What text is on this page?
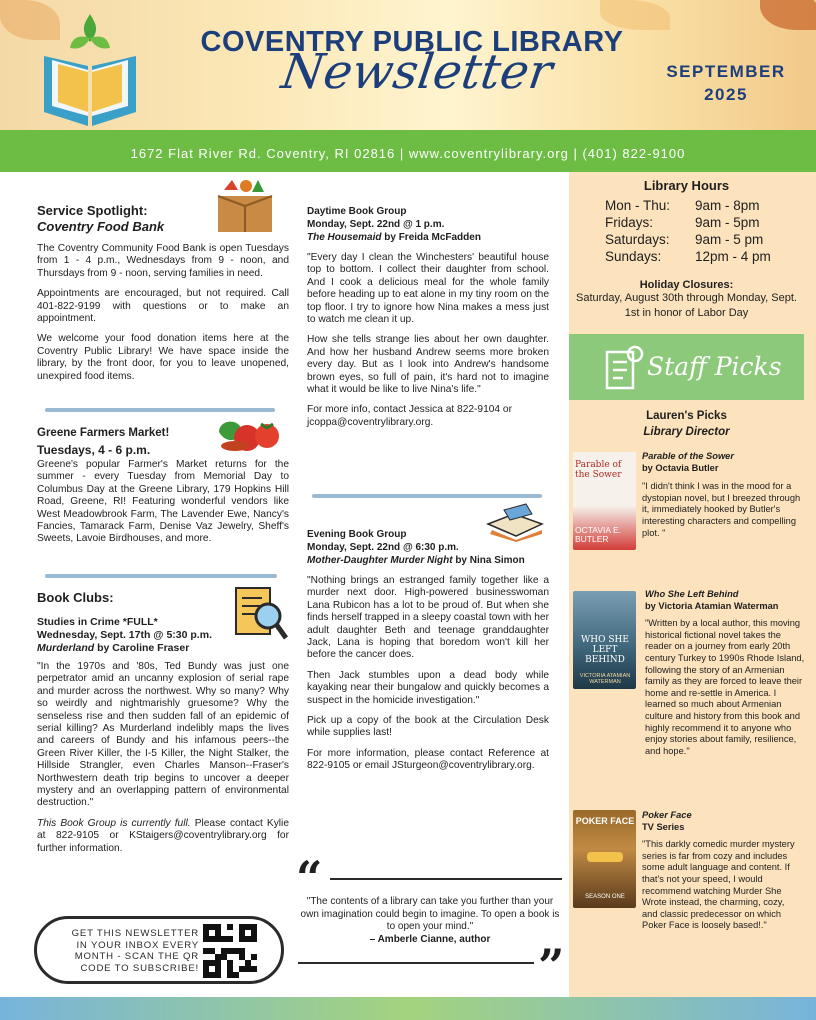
COVENTRY PUBLIC LIBRARY
Newsletter	SEPTEMBER
2025
1672 Flat River Rd. Coventry, RI 02816 | www.coventrylibrary.org | (401) 822-9100
Service Spotlight:
Coventry Food Bank

The Coventry Community Food Bank is open Tuesdays from 1 - 4 p.m., Wednesdays from 9 - noon, and Thursdays from 9 - noon, serving families in need.

Appointments are encouraged, but not required. Call 401-822-9199 with questions or to make an appointment.

We welcome your food donation items here at the Coventry Public Library! We have space inside the library, by the front door, for you to leave unopened, unexpired food items.

Greene Farmers Market!
Tuesdays, 4 - 6 p.m.

Greene's popular Farmer's Market returns for the summer - every Tuesday from Memorial Day to Columbus Day at the Greene Library, 179 Hopkins Hill Road, Greene, RI! Featuring wonderful vendors like West Meadowbrook Farm, The Lavender Ewe, Nancy's Fancies, Tamarack Farm, Denise Vaz Jewelry, Sheff's Sweets, Lavoie Birdhouses, and more.

Book Clubs:
Studies in Crime *FULL*
Wednesday, Sept. 17th @ 5:30 p.m.
Murderland by Caroline Fraser

"In the 1970s and '80s, Ted Bundy was just one perpetrator amid an uncanny explosion of serial rape and murder across the northwest. Why so many? Why so weirdly and nightmarishly gruesome? Why the senseless rise and then sudden fall of an epidemic of serial killing? As Murderland indelibly maps the lives and careers of Bundy and his infamous peers--the Green River Killer, the I-5 Killer, the Night Stalker, the Hillside Strangler, even Charles Manson--Fraser's Northwestern death trip begins to uncover a deeper mystery and an overlapping pattern of environmental destruction."

This Book Group is currently full. Please contact Kylie at 822-9105 or KStaigers@coventrylibrary.org for further information.

Daytime Book Group
Monday, Sept. 22nd @ 1 p.m.
The Housemaid by Freida McFadden

"Every day I clean the Winchesters' beautiful house top to bottom. I collect their daughter from school. And I cook a delicious meal for the whole family before heading up to eat alone in my tiny room on the top floor. I try to ignore how Nina makes a mess just to watch me clean it up.

How she tells strange lies about her own daughter. And how her husband Andrew seems more broken every day. But as I look into Andrew's handsome brown eyes, so full of pain, it's hard not to imagine what it would be like to live Nina's life."

For more info, contact Jessica at 822-9104 or jcoppa@coventrylibrary.org.

Evening Book Group
Monday, Sept. 22nd @ 6:30 p.m.
Mother-Daughter Murder Night by Nina Simon

"Nothing brings an estranged family together like a murder next door. High-powered businesswoman Lana Rubicon has a lot to be proud of. But when she finds herself trapped in a sleepy coastal town with her adult daughter Beth and teenage granddaughter Jack, Lana is hoping that boredom won't kill her before the cancer does.

Then Jack stumbles upon a dead body while kayaking near their bungalow and quickly becomes a suspect in the homicide investigation."

Pick up a copy of the book at the Circulation Desk while supplies last!

For more information, please contact Reference at 822-9105 or email JSturgeon@coventrylibrary.org.

“
"The contents of a library can take you further than your own imagination could begin to imagine. To open a book is to open your mind."
– Amberle Cianne, author	”
GET THIS NEWSLETTER IN YOUR INBOX EVERY MONTH - SCAN THE QR CODE TO SUBSCRIBE!
Library Hours
Mon - Thu:	9am - 8pm
Fridays:	9am - 5pm
Saturdays:	9am - 5 pm
Sundays:	12pm - 4 pm
Holiday Closures:
Saturday, August 30th through Monday, Sept. 1st in honor of Labor Day
Staff Picks
Lauren's Picks
Library Director
Parable of the Sower
OCTAVIA E. BUTLER
Parable of the Sower
by Octavia Butler
"I didn't think I was in the mood for a dystopian novel, but I breezed through it, immediately hooked by Butler's interesting characters and compelling plot. "
WHO SHE LEFT BEHIND
VICTORIA ATAMIAN WATERMAN
Who She Left Behind
by Victoria Atamian Waterman
"Written by a local author, this moving historical fictional novel takes the reader on a journey from early 20th century Turkey to 1990s Rhode Island, following the story of an Armenian family as they are forced to leave their home and re-settle in America. I learned so much about Armenian culture and history from this book and highly recommend it to anyone who enjoy stories about family, resilience, and hope."
POKER FACE
SEASON ONE
Poker Face
TV Series
"This darkly comedic murder mystery series is far from cozy and includes some adult language and content. If that's not your speed, I would recommend watching Murder She Wrote instead, the charming, cozy, and classic predecessor on which Poker Face is loosely based!."
